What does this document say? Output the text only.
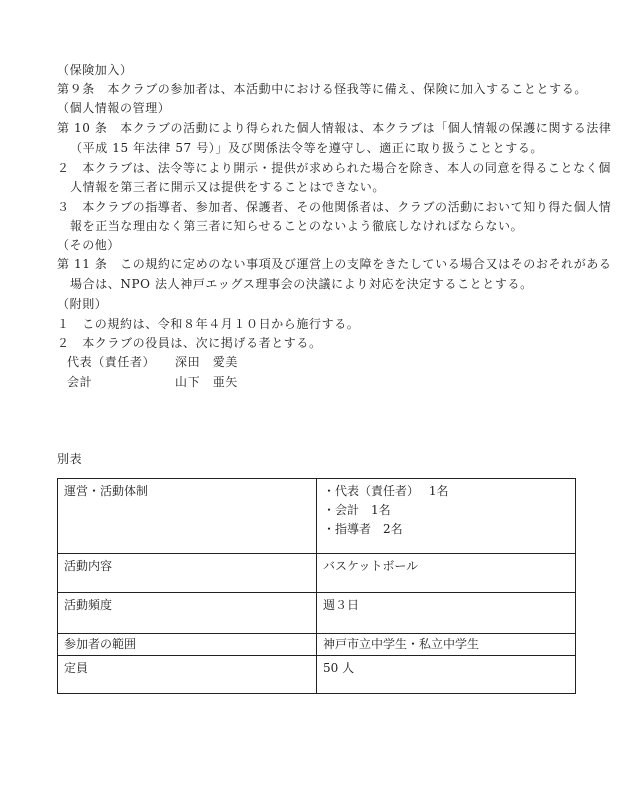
（保険加入）
第９条　本クラブの参加者は、本活動中における怪我等に備え、保険に加入することとする。
（個人情報の管理）
第 10 条　本クラブの活動により得られた個人情報は、本クラブは「個人情報の保護に関する法律
（平成 15 年法律 57 号）」及び関係法令等を遵守し、適正に取り扱うこととする。
２　本クラブは、法令等により開示・提供が求められた場合を除き、本人の同意を得ることなく個
人情報を第三者に開示又は提供をすることはできない。
３　本クラブの指導者、参加者、保護者、その他関係者は、クラブの活動において知り得た個人情
報を正当な理由なく第三者に知らせることのないよう徹底しなければならない。
（その他）
第 11 条　この規約に定めのない事項及び運営上の支障をきたしている場合又はそのおそれがある
場合は、NPO 法人神戸エッグス理事会の決議により対応を決定することとする。
（附則）
１　この規約は、令和８年４月１０日から施行する。
２　本クラブの役員は、次に掲げる者とする。
代表（責任者） 深田　愛美
会計	山下　亜矢
別表
運営・活動体制	・代表（責任者）　 1名
・会計　1名
・指導者　2名

活動内容	バスケットボール
活動頻度	週３日
参加者の範囲	神戸市立中学生・私立中学生
定員	50 人
